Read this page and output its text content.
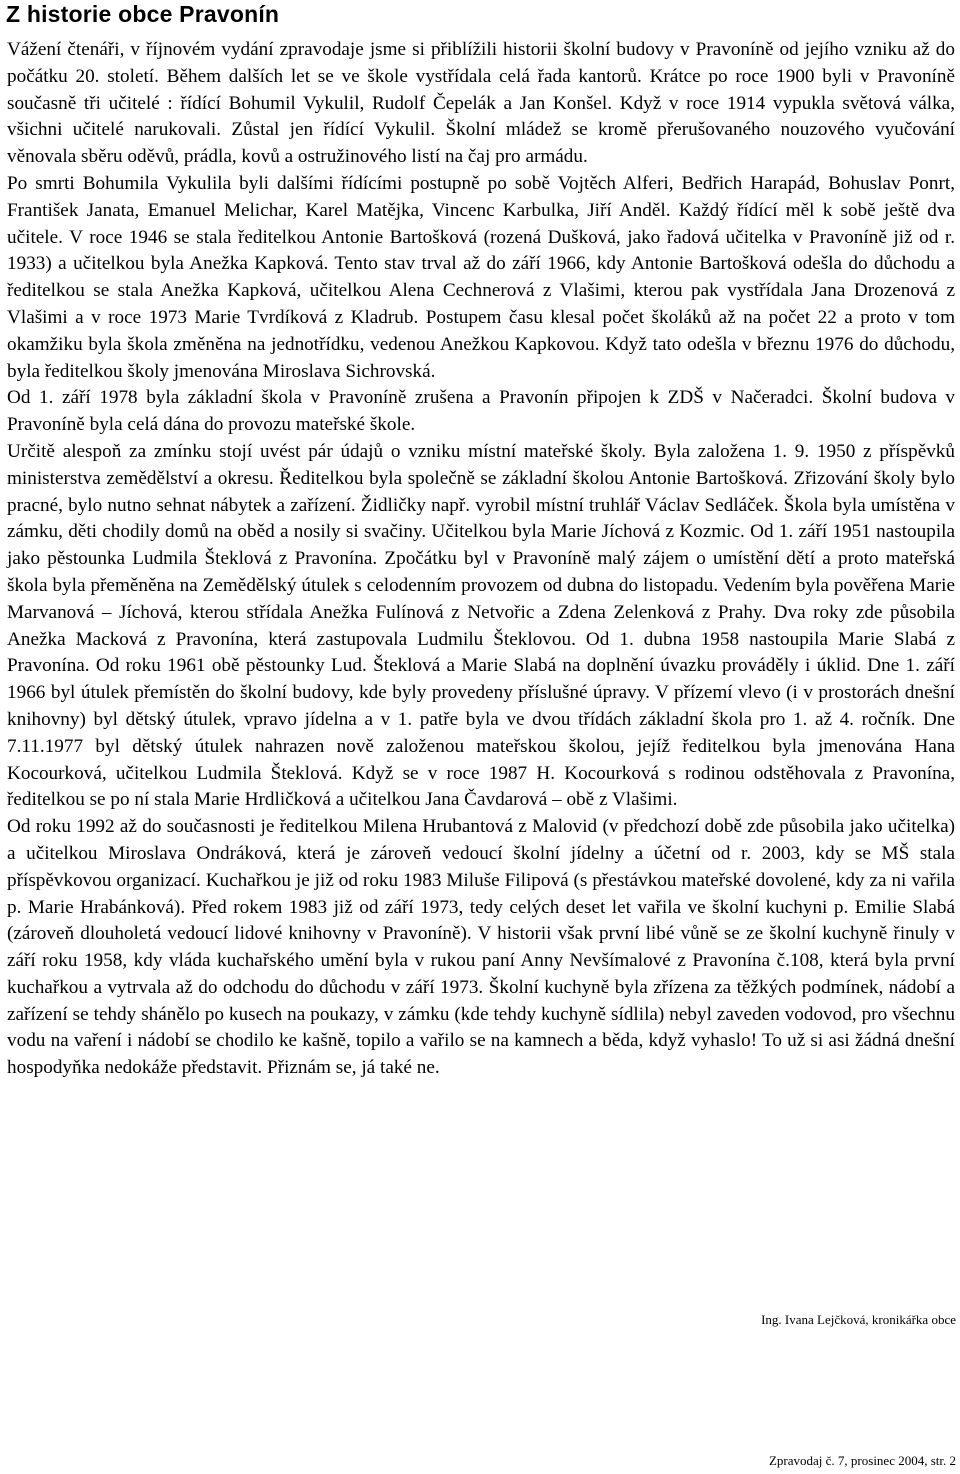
Z historie obce Pravonín

Vážení čtenáři, v říjnovém vydání zpravodaje jsme si přiblížili historii školní budovy v Pravoníně od jejího vzniku až do počátku 20. století. Během dalších let se ve škole vystřídala celá řada kantorů. Krátce po roce 1900 byli v Pravoníně současně tři učitelé : řídící Bohumil Vykulil, Rudolf Čepelák a Jan Konšel. Když v roce 1914 vypukla světová válka, všichni učitelé narukovali. Zůstal jen řídící Vykulil. Školní mládež se kromě přerušovaného nouzového vyučování věnovala sběru oděvů, prádla, kovů a ostružinového listí na čaj pro armádu.

Po smrti Bohumila Vykulila byli dalšími řídícími postupně po sobě Vojtěch Alferi, Bedřich Harapád, Bohuslav Ponrt, František Janata, Emanuel Melichar, Karel Matějka, Vincenc Karbulka, Jiří Anděl. Každý řídící měl k sobě ještě dva učitele. V roce 1946 se stala ředitelkou Antonie Bartošková (rozená Dušková, jako řadová učitelka v Pravoníně již od r. 1933) a učitelkou byla Anežka Kapková. Tento stav trval až do září 1966, kdy Antonie Bartošková odešla do důchodu a ředitelkou se stala Anežka Kapková, učitelkou Alena Cechnerová z Vlašimi, kterou pak vystřídala Jana Drozenová z Vlašimi a v roce 1973 Marie Tvrdíková z Kladrub. Postupem času klesal počet školáků až na počet 22 a proto v tom okamžiku byla škola změněna na jednotřídku, vedenou Anežkou Kapkovou. Když tato odešla v březnu 1976 do důchodu, byla ředitelkou školy jmenována Miroslava Sichrovská.

Od 1. září 1978 byla základní škola v Pravoníně zrušena a Pravonín připojen k ZDŠ v Načeradci. Školní budova v Pravoníně byla celá dána do provozu mateřské škole.

Určitě alespoň za zmínku stojí uvést pár údajů o vzniku místní mateřské školy. Byla založena 1. 9. 1950 z příspěvků ministerstva zemědělství a okresu. Ředitelkou byla společně se základní školou Antonie Bartošková. Zřizování školy bylo pracné, bylo nutno sehnat nábytek a zařízení. Židličky např. vyrobil místní truhlář Václav Sedláček. Škola byla umístěna v zámku, děti chodily domů na oběd a nosily si svačiny. Učitelkou byla Marie Jíchová z Kozmic. Od 1. září 1951 nastoupila jako pěstounka Ludmila Šteklová z Pravonína. Zpočátku byl v Pravoníně malý zájem o umístění dětí a proto mateřská škola byla přeměněna na Zemědělský útulek s celodenním provozem od dubna do listopadu. Vedením byla pověřena Marie Marvanová – Jíchová, kterou střídala Anežka Fulínová z Netvořic a Zdena Zelenková z Prahy. Dva roky zde působila Anežka Macková z Pravonína, která zastupovala Ludmilu Šteklovou. Od 1. dubna 1958 nastoupila Marie Slabá z Pravonína. Od roku 1961 obě pěstounky Lud. Šteklová a Marie Slabá na doplnění úvazku prováděly i úklid. Dne 1. září 1966 byl útulek přemístěn do školní budovy, kde byly provedeny příslušné úpravy. V přízemí vlevo (i v prostorách dnešní knihovny) byl dětský útulek, vpravo jídelna a v 1. patře byla ve dvou třídách základní škola pro 1. až 4. ročník. Dne 7.11.1977 byl dětský útulek nahrazen nově založenou mateřskou školou, jejíž ředitelkou byla jmenována Hana Kocourková, učitelkou Ludmila Šteklová. Když se v roce 1987 H. Kocourková s rodinou odstěhovala z Pravonína, ředitelkou se po ní stala Marie Hrdličková a učitelkou Jana Čavdarová – obě z Vlašimi.

Od roku 1992 až do současnosti je ředitelkou Milena Hrubantová z Malovid (v předchozí době zde působila jako učitelka) a učitelkou Miroslava Ondráková, která je zároveň vedoucí školní jídelny a účetní od r. 2003, kdy se MŠ stala příspěvkovou organizací. Kuchařkou je již od roku 1983 Miluše Filipová (s přestávkou mateřské dovolené, kdy za ni vařila p. Marie Hrabánková). Před rokem 1983 již od září 1973, tedy celých deset let vařila ve školní kuchyni p. Emilie Slabá (zároveň dlouholetá vedoucí lidové knihovny v Pravoníně). V historii však první libé vůně se ze školní kuchyně řinuly v září roku 1958, kdy vláda kuchařského umění byla v rukou paní Anny Nevšímalové z Pravonína č.108, která byla první kuchařkou a vytrvala až do odchodu do důchodu v září 1973. Školní kuchyně byla zřízena za těžkých podmínek, nádobí a zařízení se tehdy shánělo po kusech na poukazy, v zámku (kde tehdy kuchyně sídlila) nebyl zaveden vodovod, pro všechnu vodu na vaření i nádobí se chodilo ke kašně, topilo a vařilo se na kamnech a běda, když vyhaslo! To už si asi žádná dnešní hospodyňka nedokáže představit. Přiznám se, já také ne.

Ing. Ivana Lejčková, kronikářka obce
Zpravodaj č. 7, prosinec 2004, str. 2
